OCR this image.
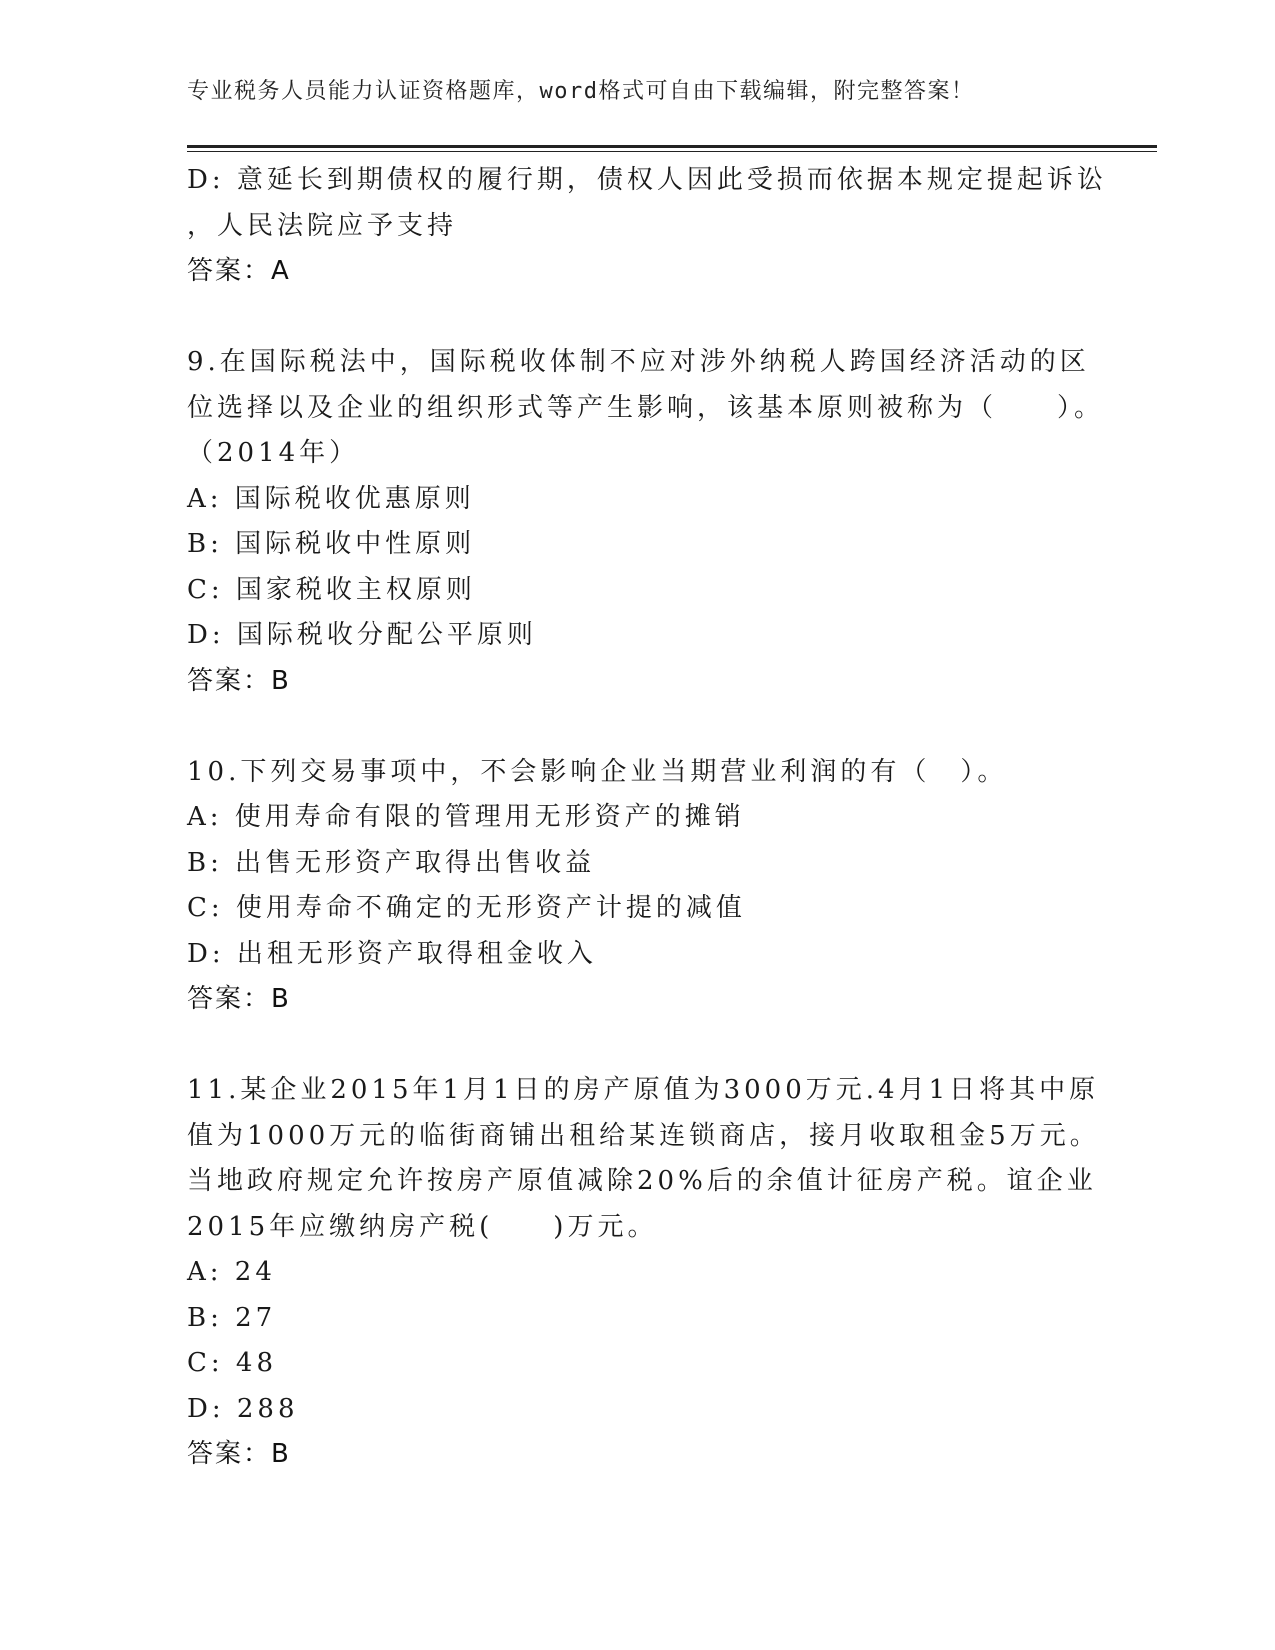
专业税务人员能力认证资格题库，word格式可自由下载编辑，附完整答案！
D: 意延长到期债权的履行期，债权人因此受损而依据本规定提起诉讼
，人民法院应予支持
答案：A
9.在国际税法中，国际税收体制不应对涉外纳税人跨国经济活动的区
位选择以及企业的组织形式等产生影响，该基本原则被称为（　　）。
（2014年）
A: 国际税收优惠原则
B: 国际税收中性原则
C: 国家税收主权原则
D: 国际税收分配公平原则
答案：B
10.下列交易事项中，不会影响企业当期营业利润的有（　）。
A: 使用寿命有限的管理用无形资产的摊销
B: 出售无形资产取得出售收益
C: 使用寿命不确定的无形资产计提的减值
D: 出租无形资产取得租金收入
答案：B
11.某企业2015年1月1日的房产原值为3000万元.4月1日将其中原
值为1000万元的临街商铺出租给某连锁商店，接月收取租金5万元。
当地政府规定允许按房产原值减除20%后的余值计征房产税。谊企业
2015年应缴纳房产税(　　)万元。
A: 24
B: 27
C: 48
D: 288
答案：B
